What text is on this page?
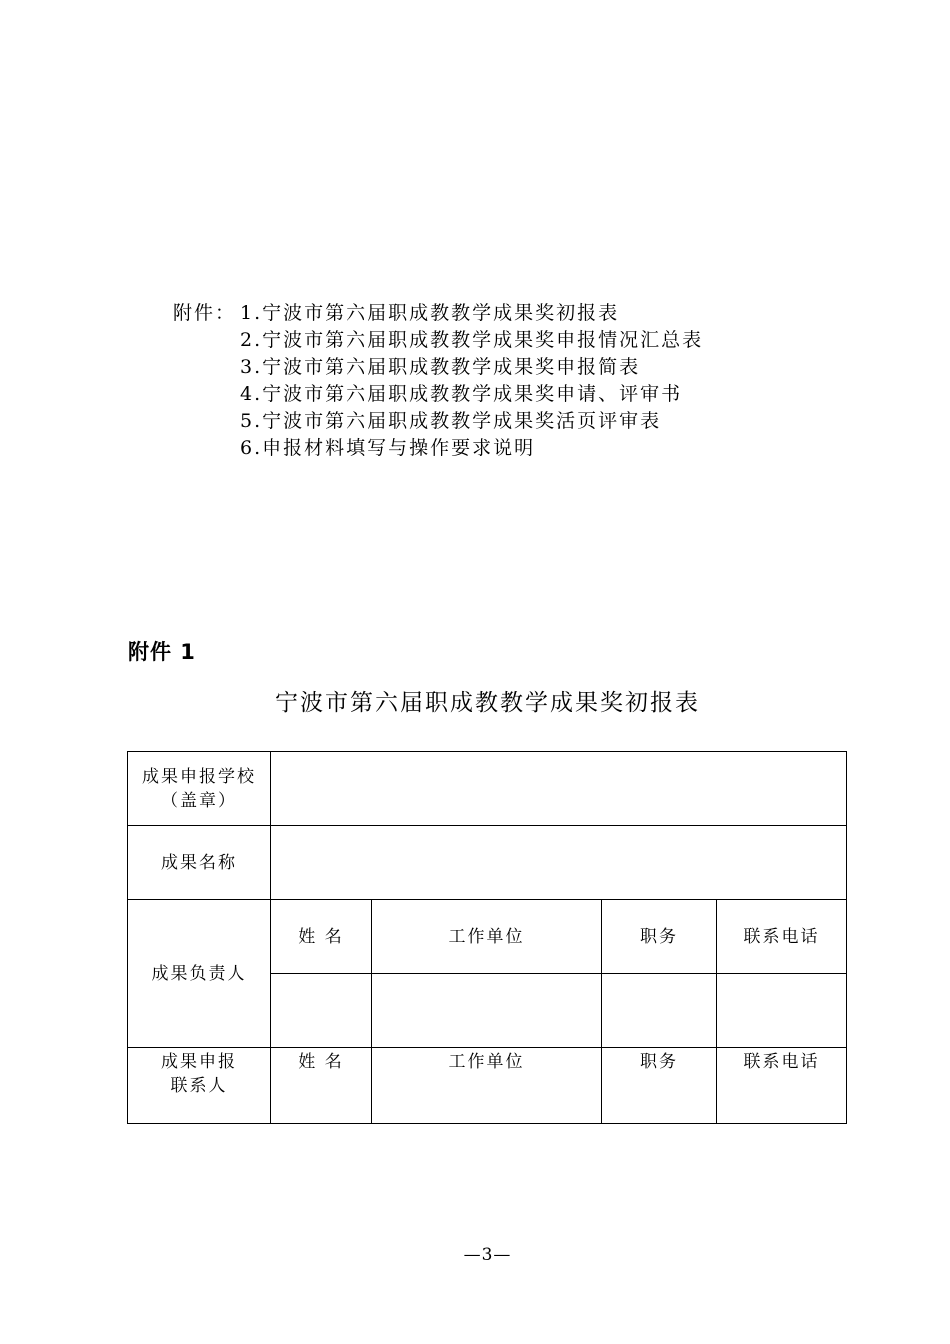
附件： 1.宁波市第六届职成教教学成果奖初报表
2.宁波市第六届职成教教学成果奖申报情况汇总表
3.宁波市第六届职成教教学成果奖申报简表
4.宁波市第六届职成教教学成果奖申请、评审书
5.宁波市第六届职成教教学成果奖活页评审表
6.申报材料填写与操作要求说明
附件 1
宁波市第六届职成教教学成果奖初报表
成果申报学校
（盖章）				

成果名称				
成果负责人	姓 名	工作单位	职务	联系电话

成果申报
联系人	姓 名	工作单位	职务	联系电话
—3—
